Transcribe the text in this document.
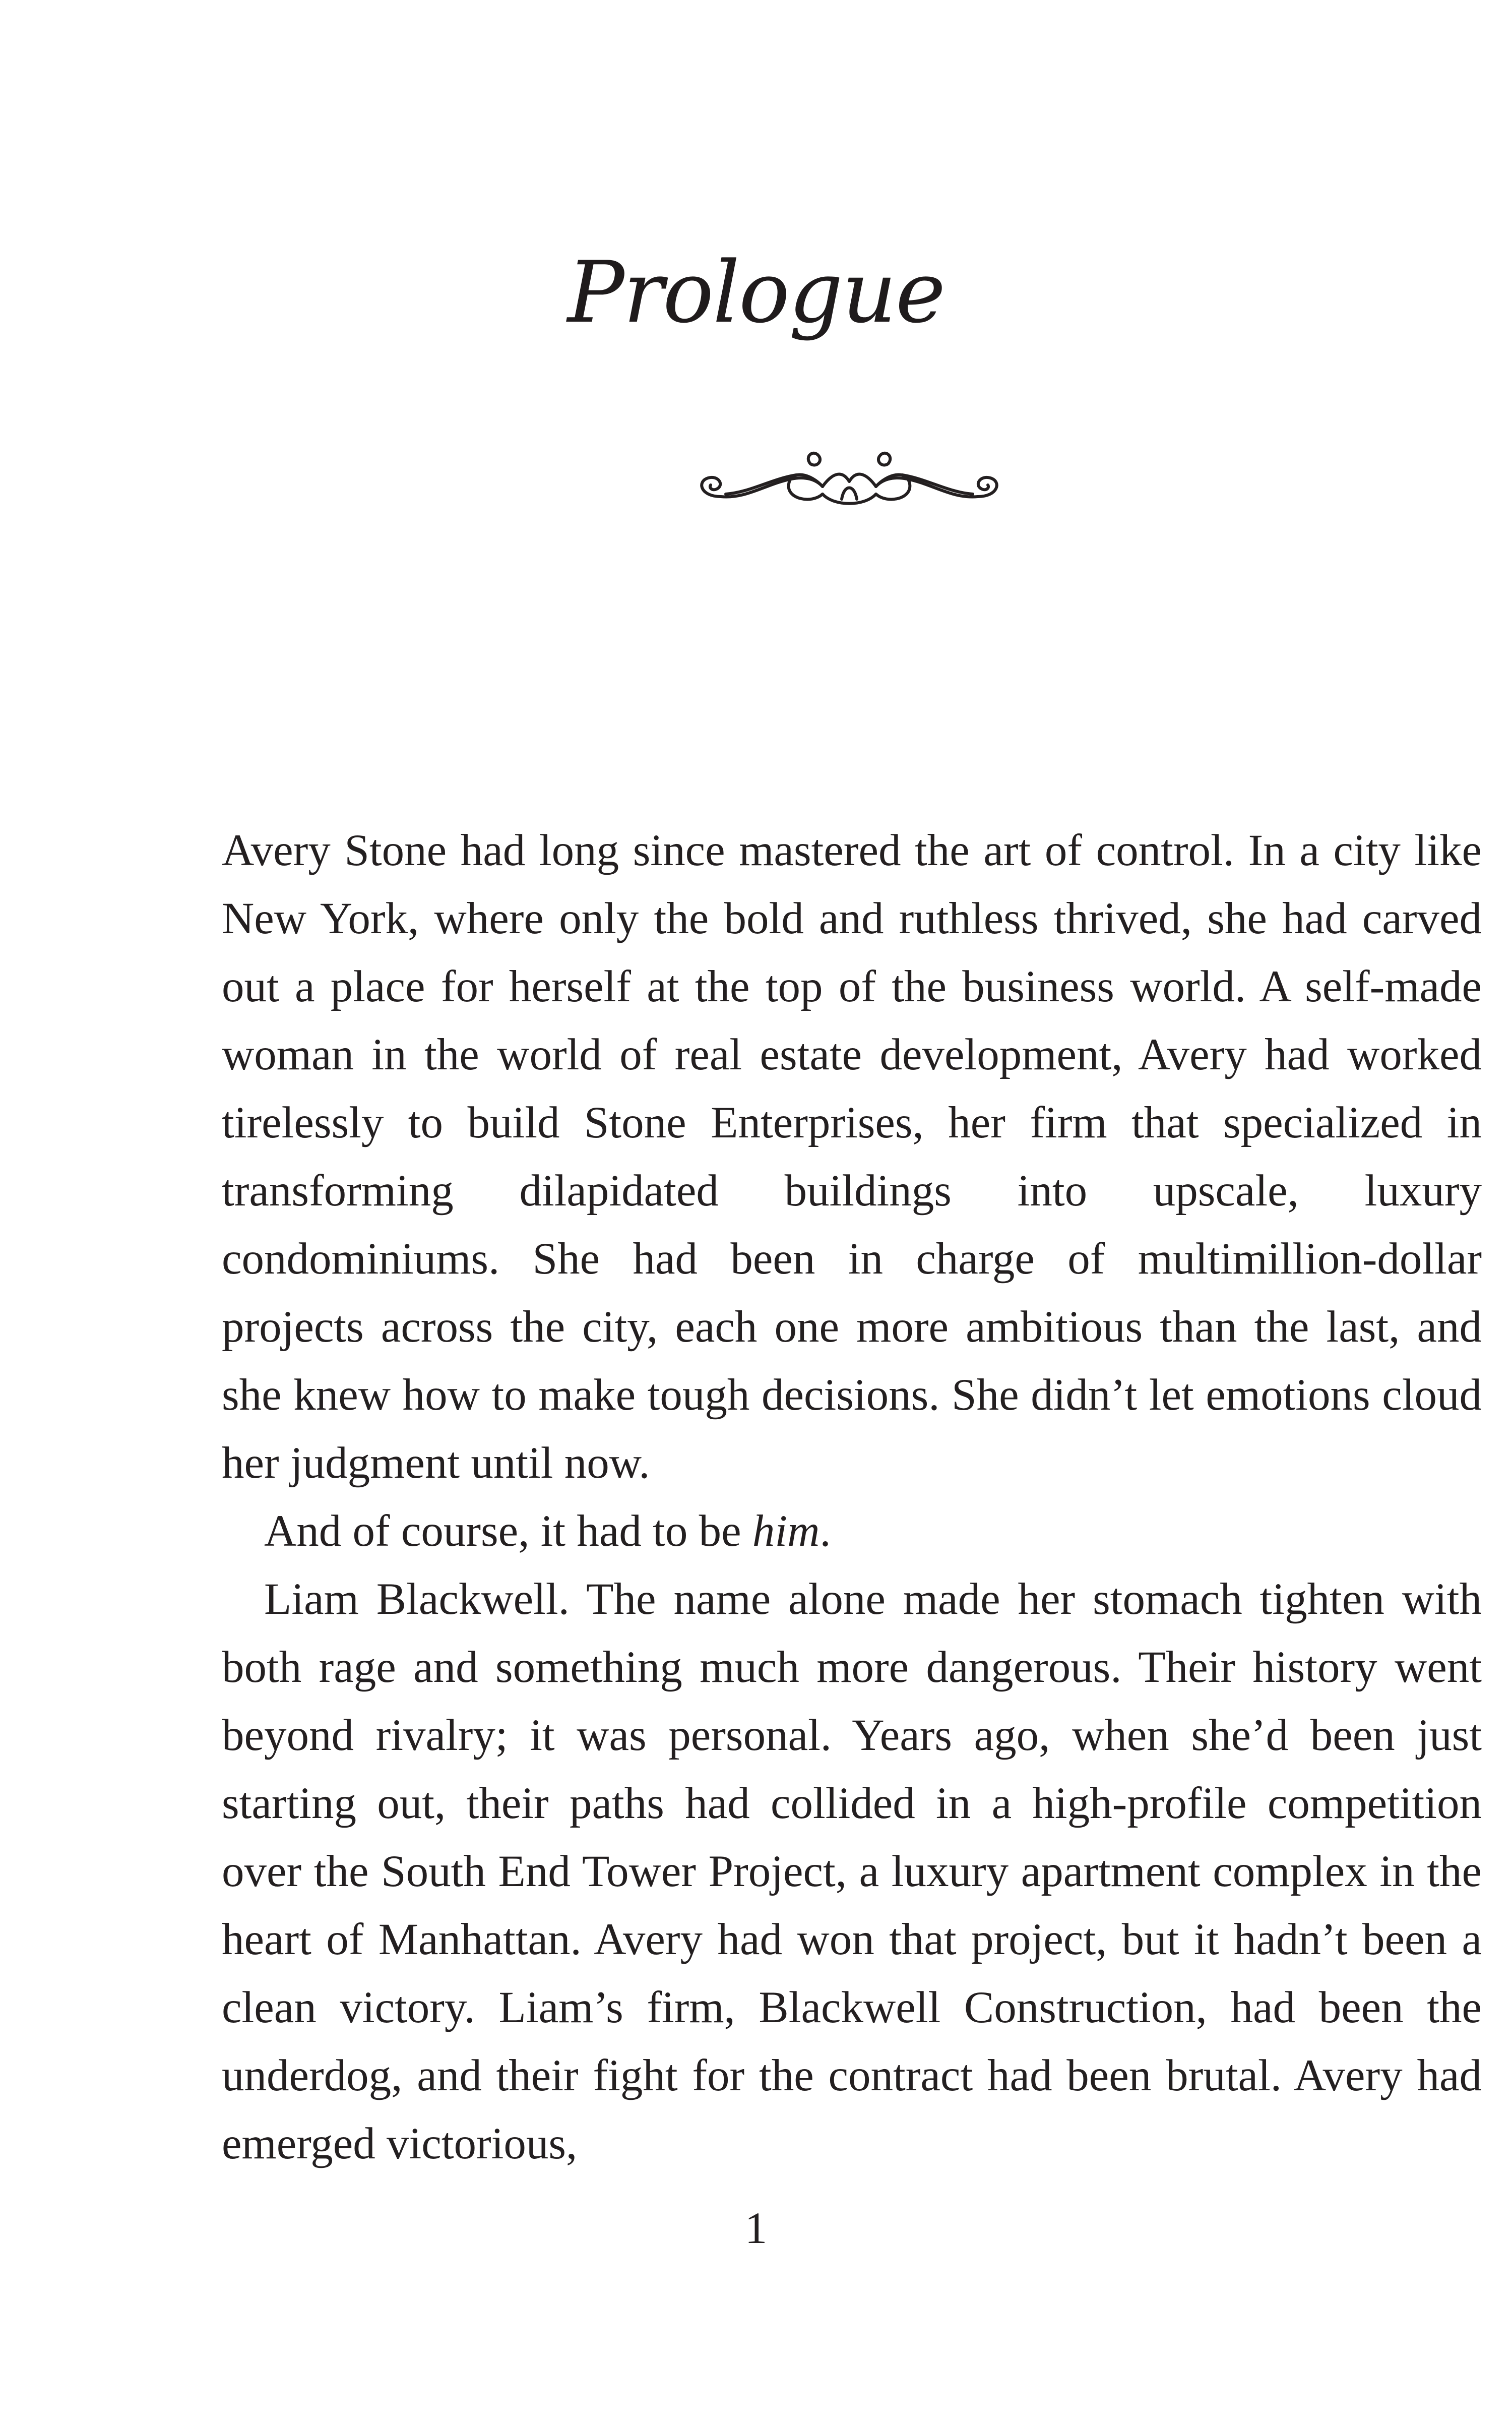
Prologue

Avery Stone had long since mastered the art of control. In a city like New York, where only the bold and ruthless thrived, she had carved out a place for herself at the top of the business world. A self-made woman in the world of real estate development, Avery had worked tirelessly to build Stone Enterprises, her firm that specialized in transforming dilapidated buildings into upscale, luxury condominiums. She had been in charge of multimillion-dollar projects across the city, each one more ambitious than the last, and she knew how to make tough decisions. She didn’t let emotions cloud her judgment until now.

And of course, it had to be him.

Liam Blackwell. The name alone made her stomach tighten with both rage and something much more dangerous. Their history went beyond rivalry; it was personal. Years ago, when she’d been just starting out, their paths had collided in a high-profile competition over the South End Tower Project, a luxury apartment complex in the heart of Manhattan. Avery had won that project, but it hadn’t been a clean victory. Liam’s firm, Blackwell Construction, had been the underdog, and their fight for the contract had been brutal. Avery had emerged victorious,

1
